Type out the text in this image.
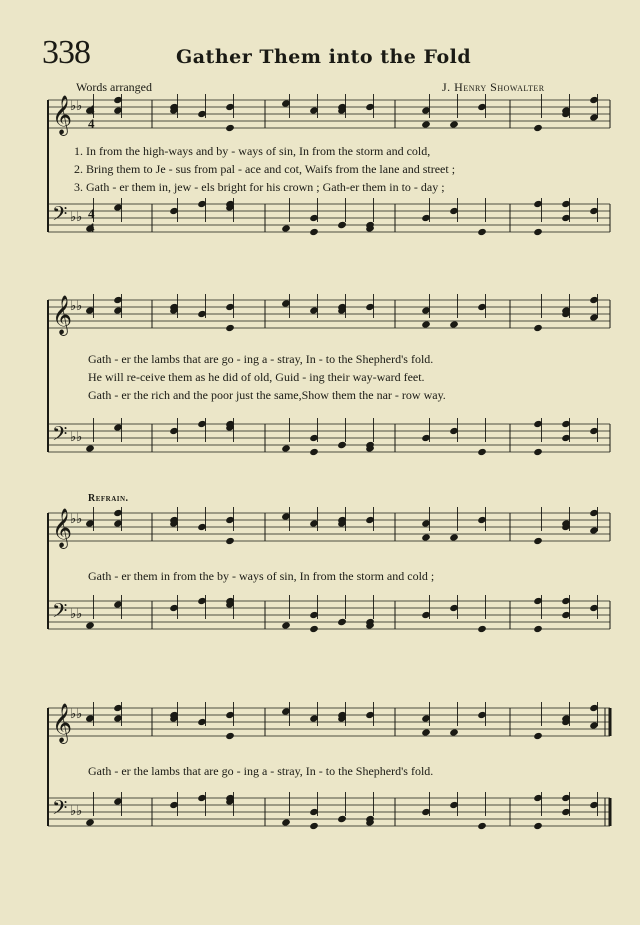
338	Gather Them into the Fold
Words arranged	J. Henry Showalter
𝄞
♭♭
4
𝄢 ♭♭ 4
1. In from the high-ways and by - ways of sin, In from the storm and cold,
2. Bring them to Je - sus from pal - ace and cot, Waifs from the lane and street ;
3. Gath - er them in, jew - els bright for his crown ; Gath-er them in to - day ;
𝄞
♭♭
𝄢 ♭♭
Gath - er the lambs that are go - ing a - stray, In - to the Shepherd's fold.
He will re-ceive them as he did of old, Guid - ing their way-ward feet.
Gath - er the rich and the poor just the same,Show them the nar - row way.
Refrain.
𝄞
♭♭
𝄢 ♭♭
Gath - er them in from the by - ways of sin, In from the storm and cold ;
𝄞
♭♭
𝄢 ♭♭
Gath - er the lambs that are go - ing a - stray, In - to the Shepherd's fold.
